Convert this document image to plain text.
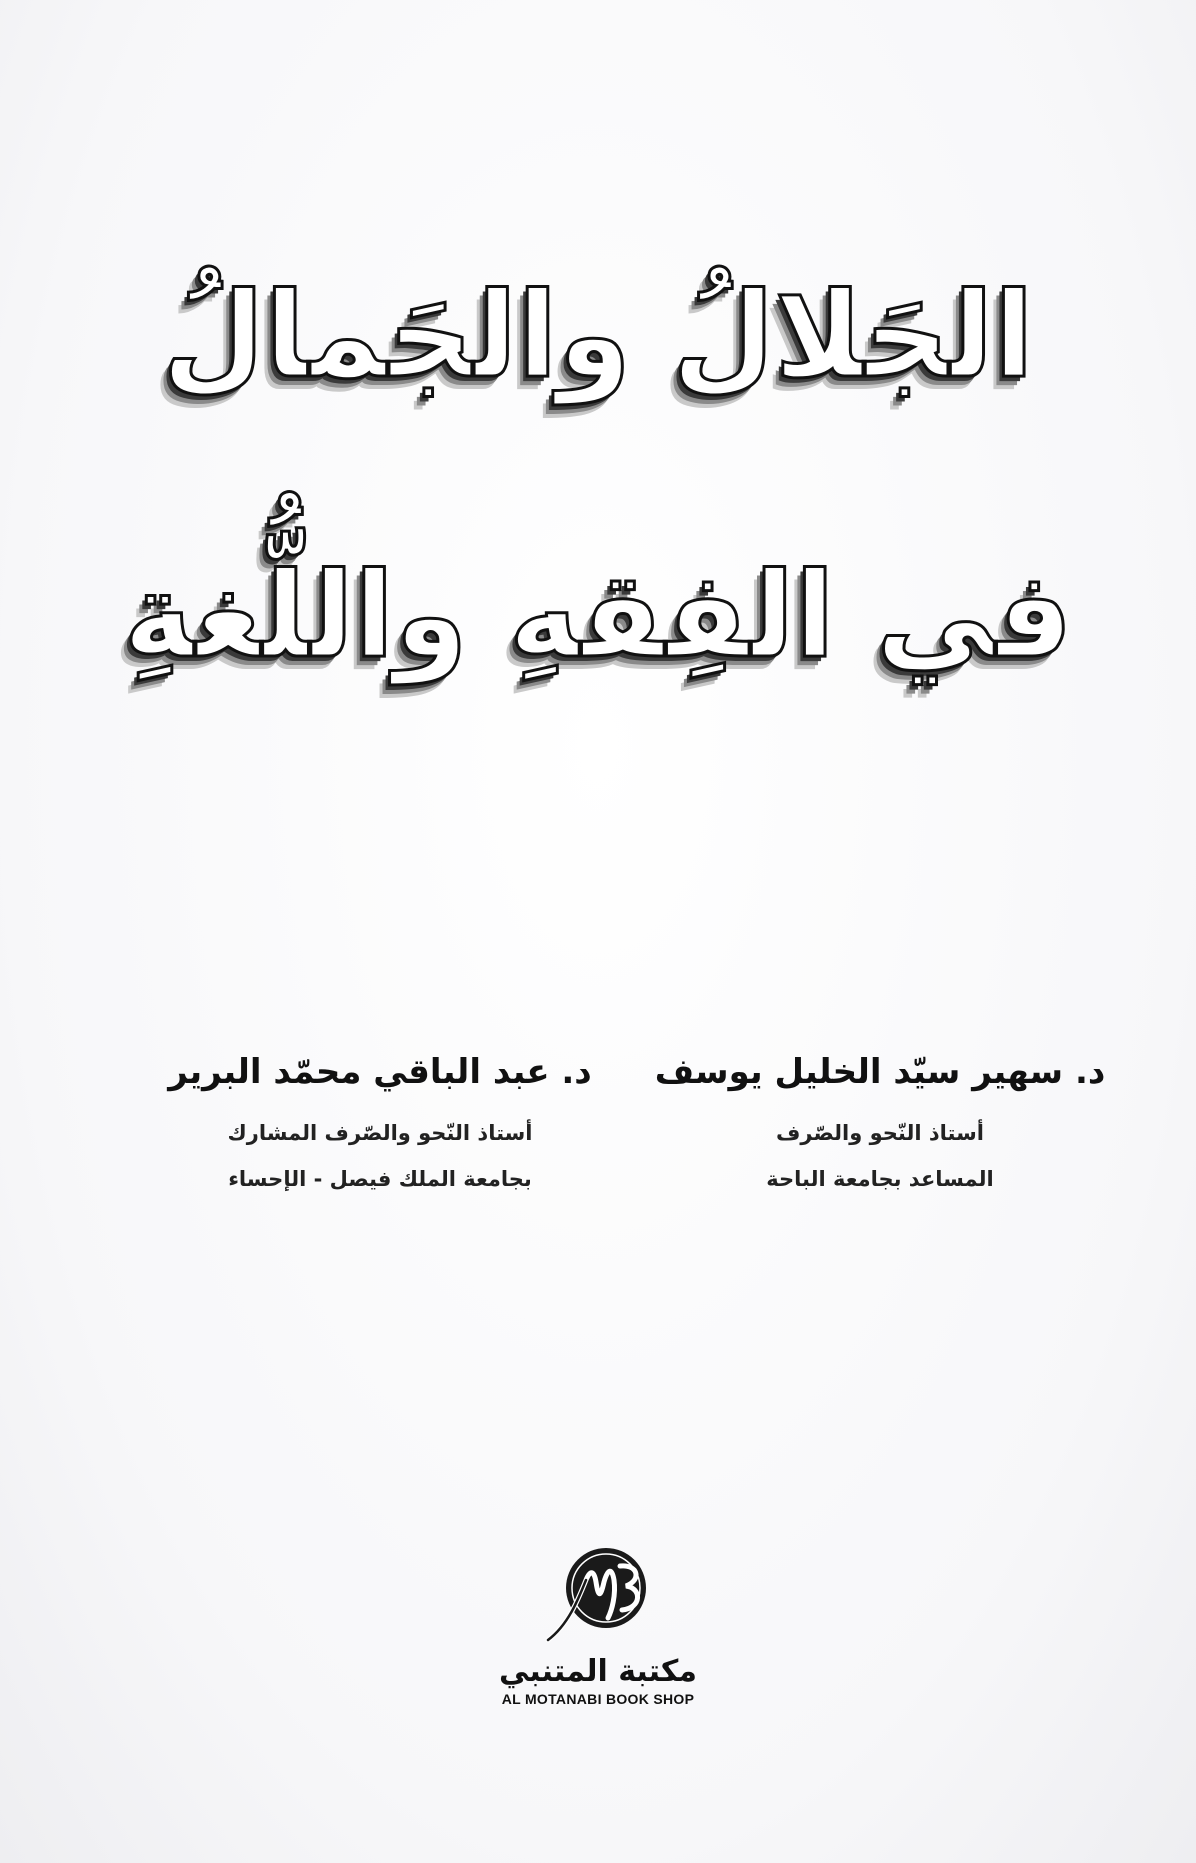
الجَلالُ والجَمالُ
في الفِقهِ واللُّغةِ
د. سهير سيّد الخليل يوسف
أستاذ النّحو والصّرف
المساعد بجامعة الباحة
د. عبد الباقي محمّد البرير
أستاذ النّحو والصّرف المشارك
بجامعة الملك فيصل - الإحساء
MB
مكتبة المتنبي
AL MOTANABI BOOK SHOP
